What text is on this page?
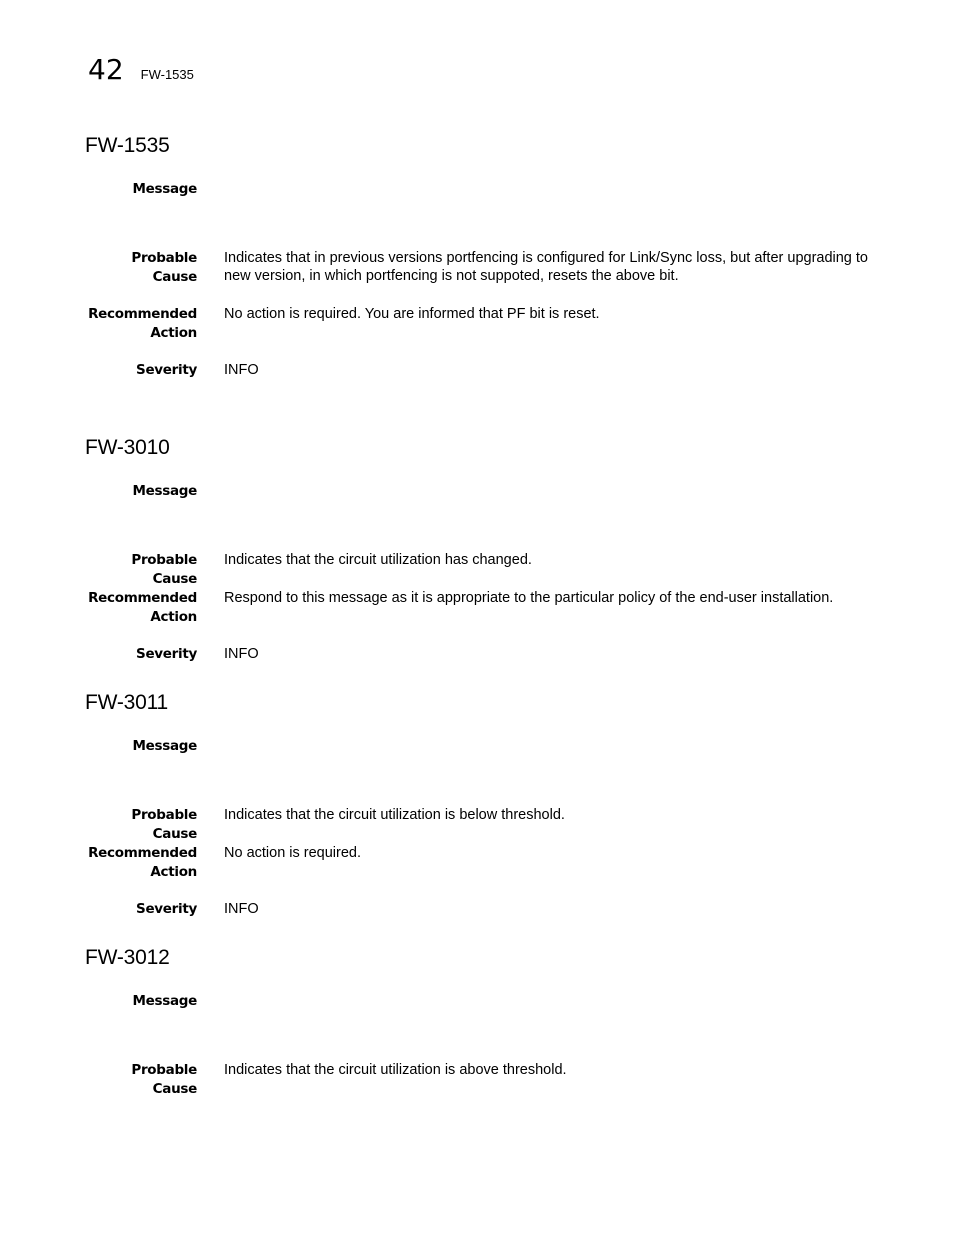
42 FW-1535
FW-1535
Message
Probable Cause
Indicates that in previous versions portfencing is configured for Link/Sync loss, but after upgrading to new version, in which portfencing is not suppoted, resets the above bit.
Recommended
Action
No action is required. You are informed that PF bit is reset.
Severity INFO
FW-3010
Message
Probable Cause
Indicates that the circuit utilization has changed.
Recommended
Action
Respond to this message as it is appropriate to the particular policy of the end-user installation.
Severity INFO
FW-3011
Message
Probable Cause
Indicates that the circuit utilization is below threshold.
Recommended
Action
No action is required.
Severity INFO
FW-3012
Message
Probable Cause
Indicates that the circuit utilization is above threshold.
